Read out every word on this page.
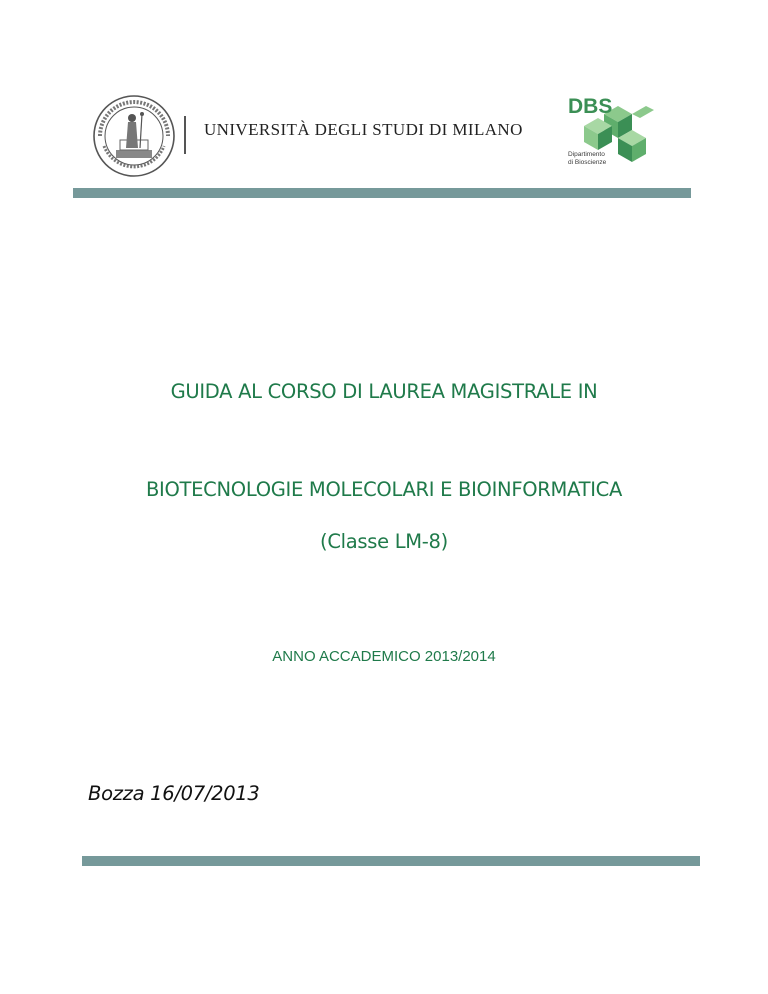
UNIVERSITÀ DEGLI STUDI DI MILANO
DBS
Dipartimento
di Bioscienze
GUIDA AL CORSO DI LAUREA MAGISTRALE IN
BIOTECNOLOGIE MOLECOLARI E BIOINFORMATICA
(Classe LM-8)
ANNO ACCADEMICO 2013/2014
Bozza 16/07/2013
